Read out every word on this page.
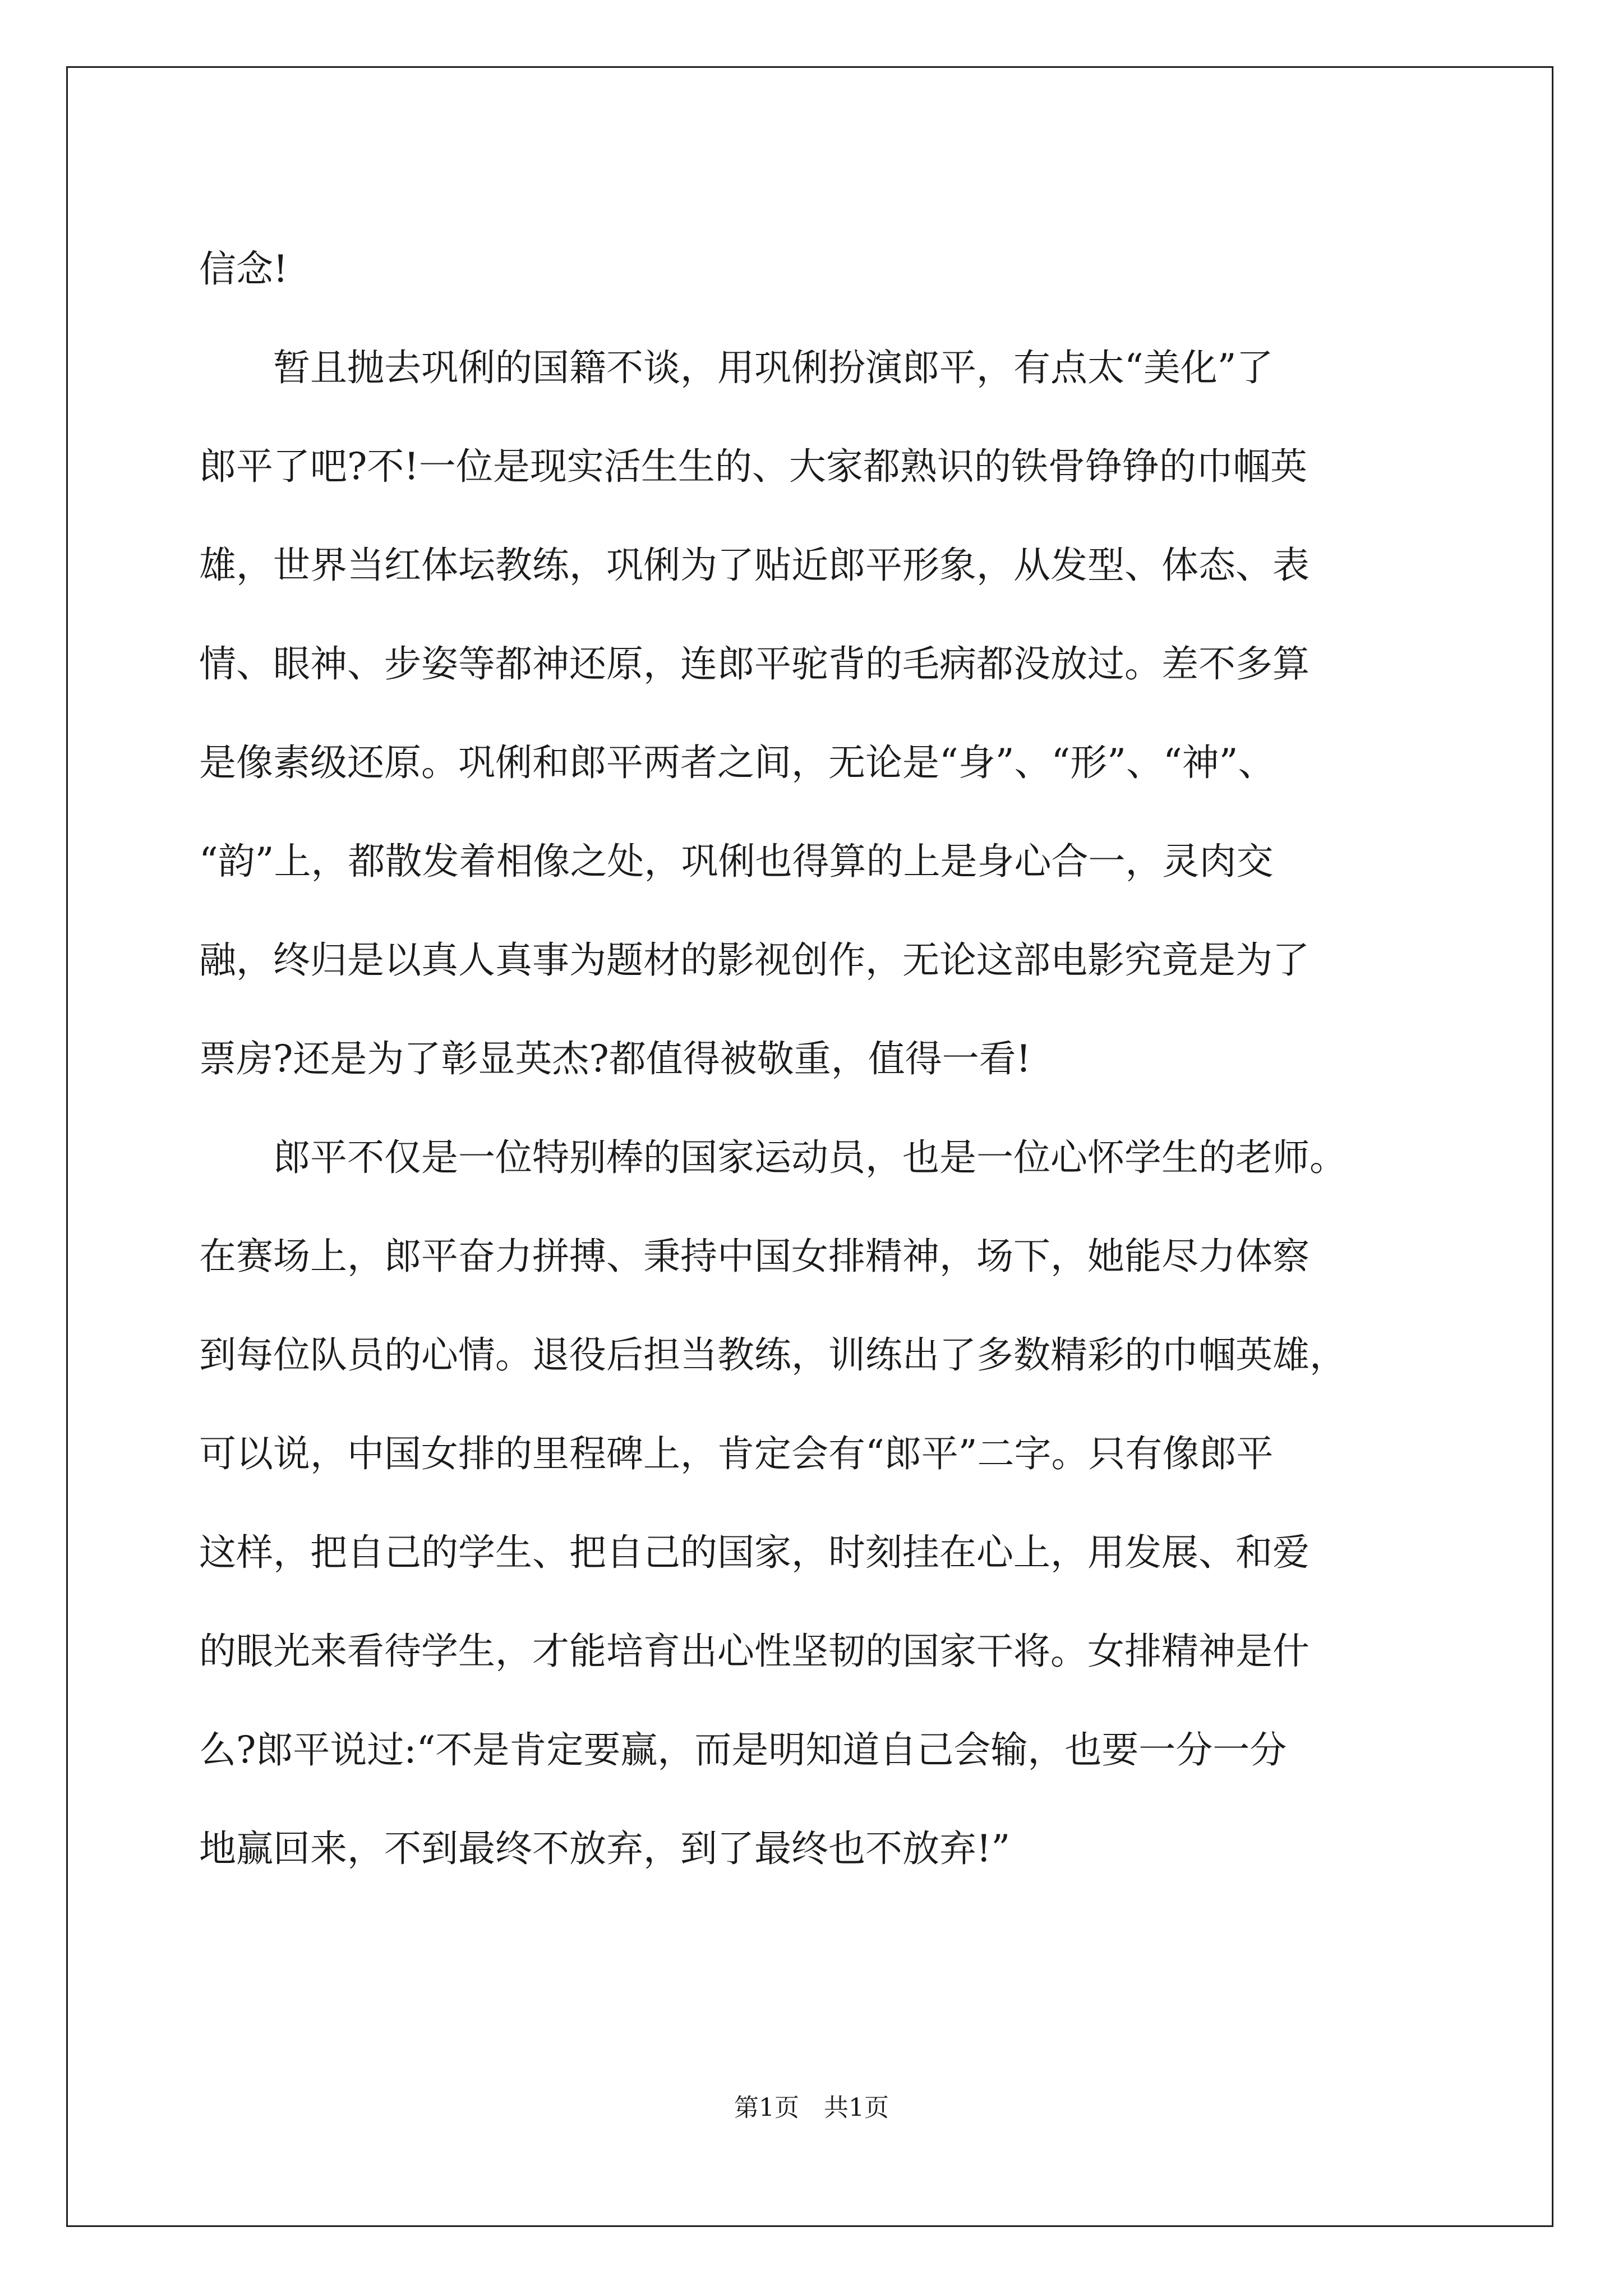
信念!
　　暂且抛去巩俐的国籍不谈，用巩俐扮演郎平，有点太“美化”了
郎平了吧?不!一位是现实活生生的、大家都熟识的铁骨铮铮的巾帼英
雄，世界当红体坛教练，巩俐为了贴近郎平形象，从发型、体态、表
情、眼神、步姿等都神还原，连郎平驼背的毛病都没放过。差不多算
是像素级还原。巩俐和郎平两者之间，无论是“身”、“形”、“神”、
“韵”上，都散发着相像之处，巩俐也得算的上是身心合一，灵肉交
融，终归是以真人真事为题材的影视创作，无论这部电影究竟是为了
票房?还是为了彰显英杰?都值得被敬重，值得一看!
　　郎平不仅是一位特别棒的国家运动员，也是一位心怀学生的老师。
在赛场上，郎平奋力拼搏、秉持中国女排精神，场下，她能尽力体察
到每位队员的心情。退役后担当教练，训练出了多数精彩的巾帼英雄，
可以说，中国女排的里程碑上，肯定会有“郎平”二字。只有像郎平
这样，把自己的学生、把自己的国家，时刻挂在心上，用发展、和爱
的眼光来看待学生，才能培育出心性坚韧的国家干将。女排精神是什
么?郎平说过:“不是肯定要赢，而是明知道自己会输，也要一分一分
地赢回来，不到最终不放弃，到了最终也不放弃!”
第1页　共1页
